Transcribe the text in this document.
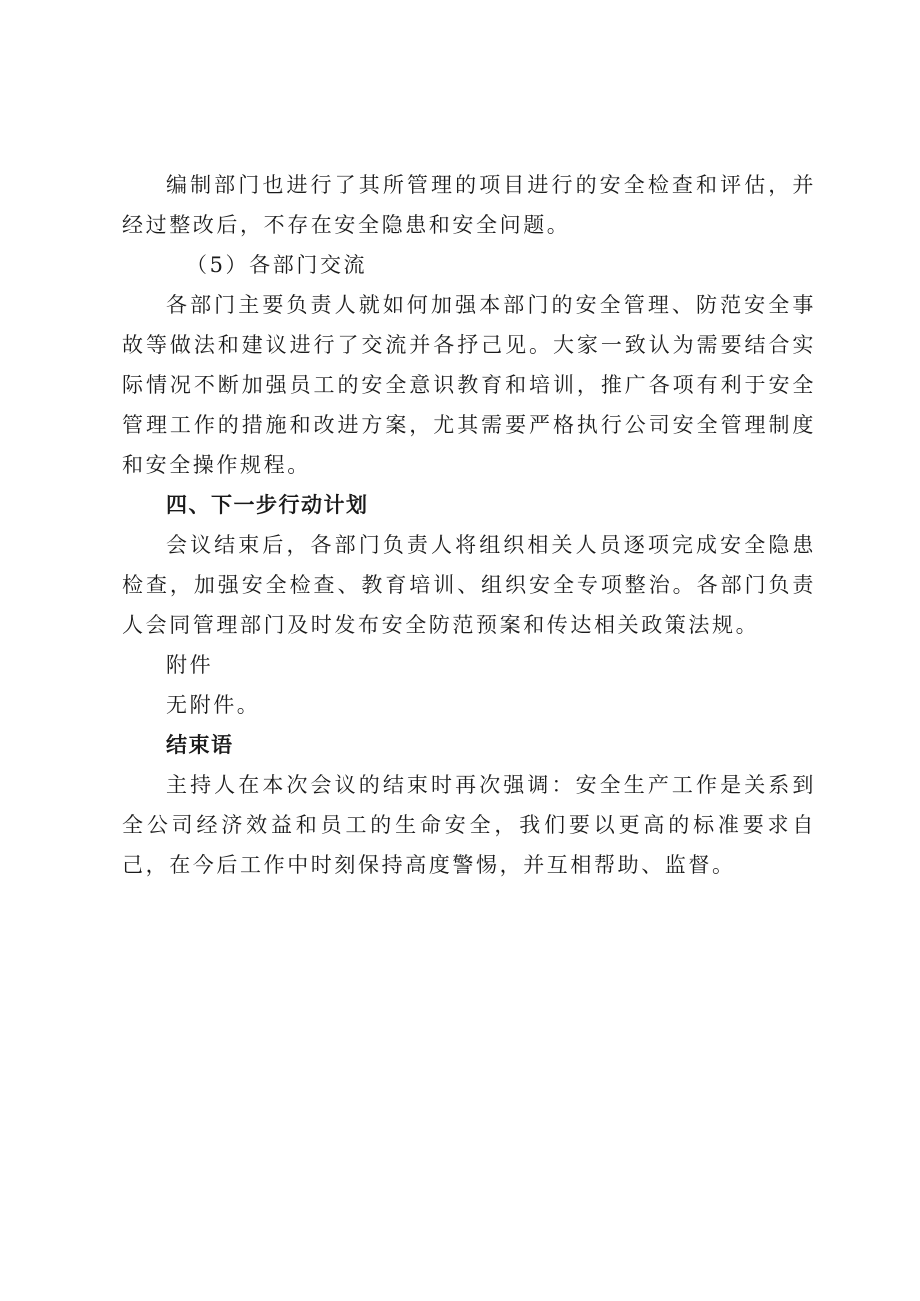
编制部门也进行了其所管理的项目进行的安全检查和评估，并经过整改后，不存在安全隐患和安全问题。

（5）各部门交流

各部门主要负责人就如何加强本部门的安全管理、防范安全事故等做法和建议进行了交流并各抒己见。大家一致认为需要结合实际情况不断加强员工的安全意识教育和培训，推广各项有利于安全管理工作的措施和改进方案，尤其需要严格执行公司安全管理制度和安全操作规程。

四、下一步行动计划

会议结束后，各部门负责人将组织相关人员逐项完成安全隐患检查，加强安全检查、教育培训、组织安全专项整治。各部门负责人会同管理部门及时发布安全防范预案和传达相关政策法规。

附件

无附件。

结束语

主持人在本次会议的结束时再次强调：安全生产工作是关系到全公司经济效益和员工的生命安全，我们要以更高的标准要求自己，在今后工作中时刻保持高度警惕，并互相帮助、监督。
